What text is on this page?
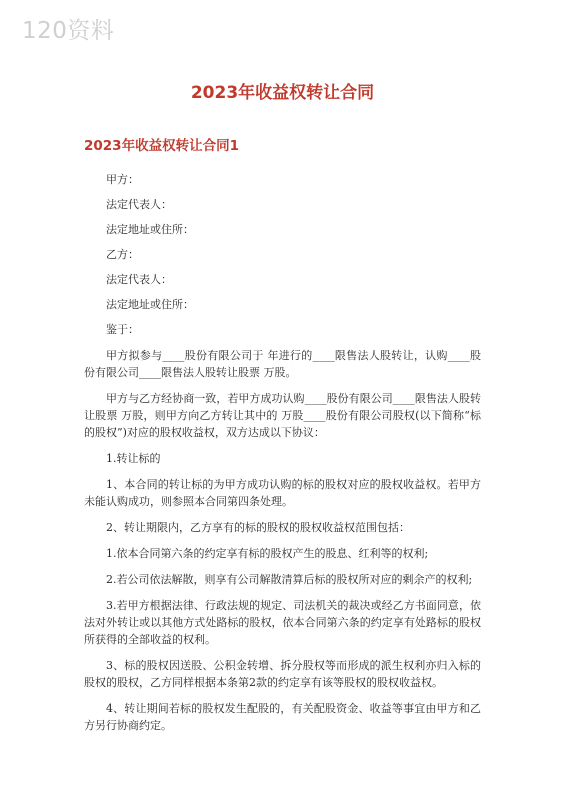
120资料
2023年收益权转让合同
2023年收益权转让合同1
甲方：
法定代表人：
法定地址或住所：
乙方：
法定代表人：
法定地址或住所：
鉴于：
甲方拟参与____股份有限公司于 年进行的____限售法人股转让，认购____股份有限公司____限售法人股转让股票 万股。
甲方与乙方经协商一致，若甲方成功认购____股份有限公司____限售法人股转让股票 万股，则甲方向乙方转让其中的 万股____股份有限公司股权(以下简称“标的股权”)对应的股权收益权，双方达成以下协议：
1.转让标的
1、本合同的转让标的为甲方成功认购的标的股权对应的股权收益权。若甲方未能认购成功，则参照本合同第四条处理。
2、转让期限内，乙方享有的标的股权的股权收益权范围包括：
1.依本合同第六条的约定享有标的股权产生的股息、红利等的权利;
2.若公司依法解散，则享有公司解散清算后标的股权所对应的剩余产的权利;
3.若甲方根据法律、行政法规的规定、司法机关的裁决或经乙方书面同意，依法对外转让或以其他方式处路标的股权，依本合同第六条的约定享有处路标的股权所获得的全部收益的权利。
3、标的股权因送股、公积金转增、拆分股权等而形成的派生权利亦归入标的股权的股权，乙方同样根据本条第2款的约定享有该等股权的股权收益权。
4、转让期间若标的股权发生配股的，有关配股资金、收益等事宜由甲方和乙方另行协商约定。
